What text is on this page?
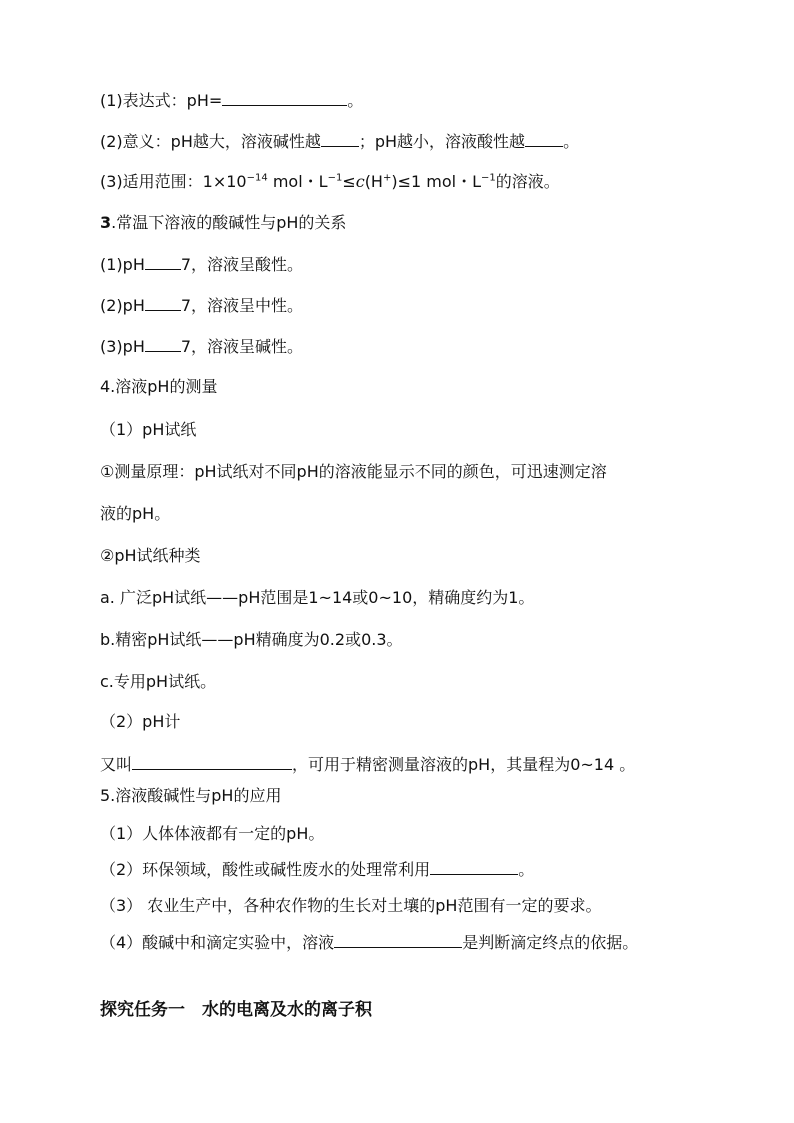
(1)表达式：pH=	。
(2)意义：pH越大，溶液碱性越 ；pH越小，溶液酸性越 。
(3)适用范围：$1\times 10^{-14}$ mol・$L^{-1}\le c(H^+)\le 1$ mol・$L^{-1}$的溶液。
3.常温下溶液的酸碱性与pH的关系
(1)pH 7，溶液呈酸性。
(2)pH 7，溶液呈中性。
(3)pH 7，溶液呈碱性。
4.溶液pH的测量
（1）pH试纸
①测量原理：pH试纸对不同pH的溶液能显示不同的颜色，可迅速测定溶
液的pH。
②pH试纸种类
a. 广泛pH试纸——pH范围是1~14或0~10，精确度约为1。
b.精密pH试纸——pH精确度为0.2或0.3。
c.专用pH试纸。
（2）pH计
又叫	，可用于精密测量溶液的pH，其量程为0~14 。
5.溶液酸碱性与pH的应用
（1）人体体液都有一定的pH。
（2）环保领域，酸性或碱性废水的处理常利用	。
（3） 农业生产中，各种农作物的生长对土壤的pH范围有一定的要求。
（4）酸碱中和滴定实验中，溶液	是判断滴定终点的依据。
探究任务一　水的电离及水的离子积
